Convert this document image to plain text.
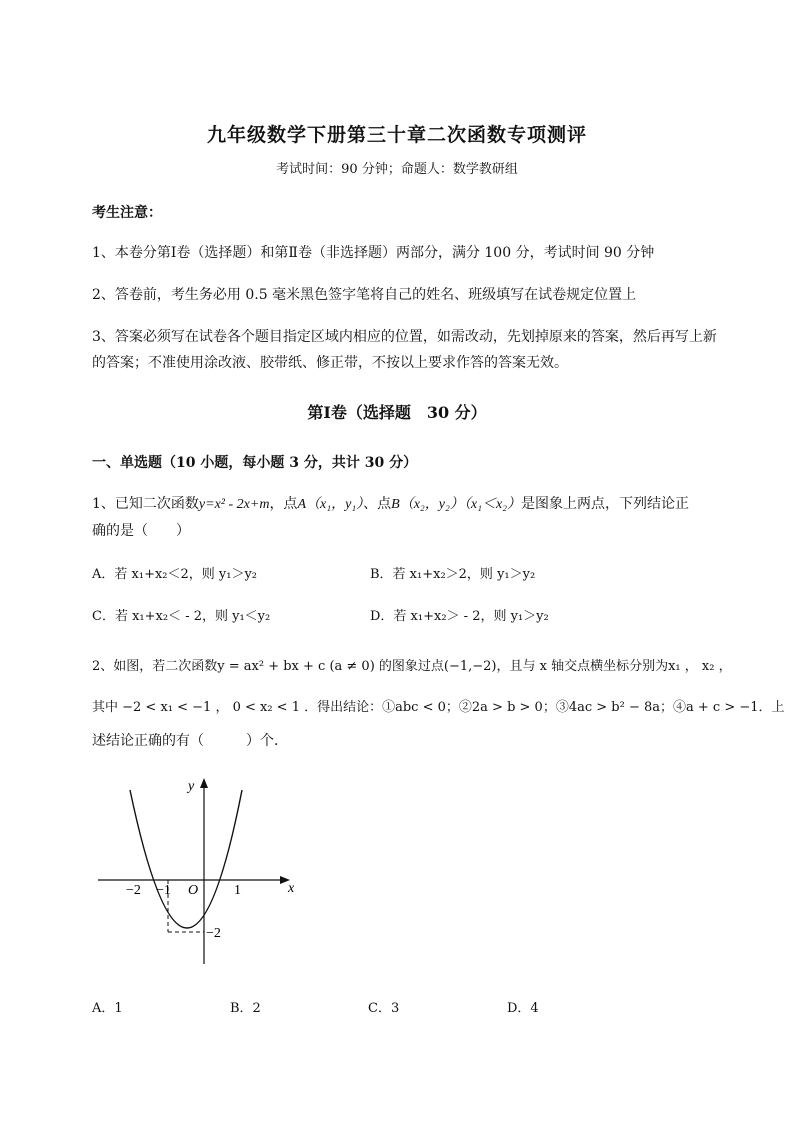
九年级数学下册第三十章二次函数专项测评
考试时间：90 分钟；命题人：数学教研组
考生注意：
1、本卷分第Ⅰ卷（选择题）和第Ⅱ卷（非选择题）两部分，满分 100 分，考试时间 90 分钟
2、答卷前，考生务必用 0.5 毫米黑色签字笔将自己的姓名、班级填写在试卷规定位置上
3、答案必须写在试卷各个题目指定区域内相应的位置，如需改动，先划掉原来的答案，然后再写上新
的答案；不准使用涂改液、胶带纸、修正带，不按以上要求作答的答案无效。
第Ⅰ卷（选择题　30 分）
一、单选题（10 小题，每小题 3 分，共计 30 分）
1、已知二次函数y=x² - 2x+m，点A（x₁，y₁）、点B（x₂，y₂）（x₁＜x₂）是图象上两点，下列结论正
确的是（　　）
A．若 x₁+x₂＜2，则 y₁＞y₂	B．若 x₁+x₂＞2，则 y₁＞y₂
C．若 x₁+x₂＜ - 2，则 y₁＜y₂	D．若 x₁+x₂＞ - 2，则 y₁＞y₂
2、如图，若二次函数y = ax² + bx + c (a ≠ 0) 的图象过点(−1,−2)，且与 x 轴交点横坐标分别为x₁ ， x₂ ，
其中 −2 < x₁ < −1 ， 0 < x₂ < 1 ．得出结论：①abc < 0；②2a > b > 0；③4ac > b² − 8a；④a + c > −1．上
述结论正确的有（　　　）个．
x
y
O
−2 −1	1
−2
A．1	B．2	C．3	D．4
